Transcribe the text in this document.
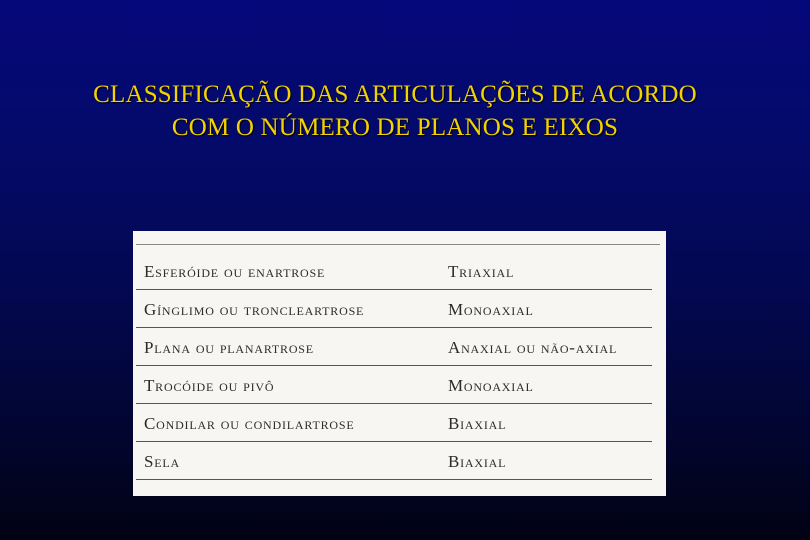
CLASSIFICAÇÃO DAS ARTICULAÇÕES DE ACORDO
COM O NÚMERO DE PLANOS E EIXOS
Esferóide ou enartrose	Triaxial
Gínglimo ou troncleartrose	Monoaxial
Plana ou planartrose	Anaxial ou não-axial
Trocóide ou pivô	Monoaxial
Condilar ou condilartrose	Biaxial
Sela	Biaxial
